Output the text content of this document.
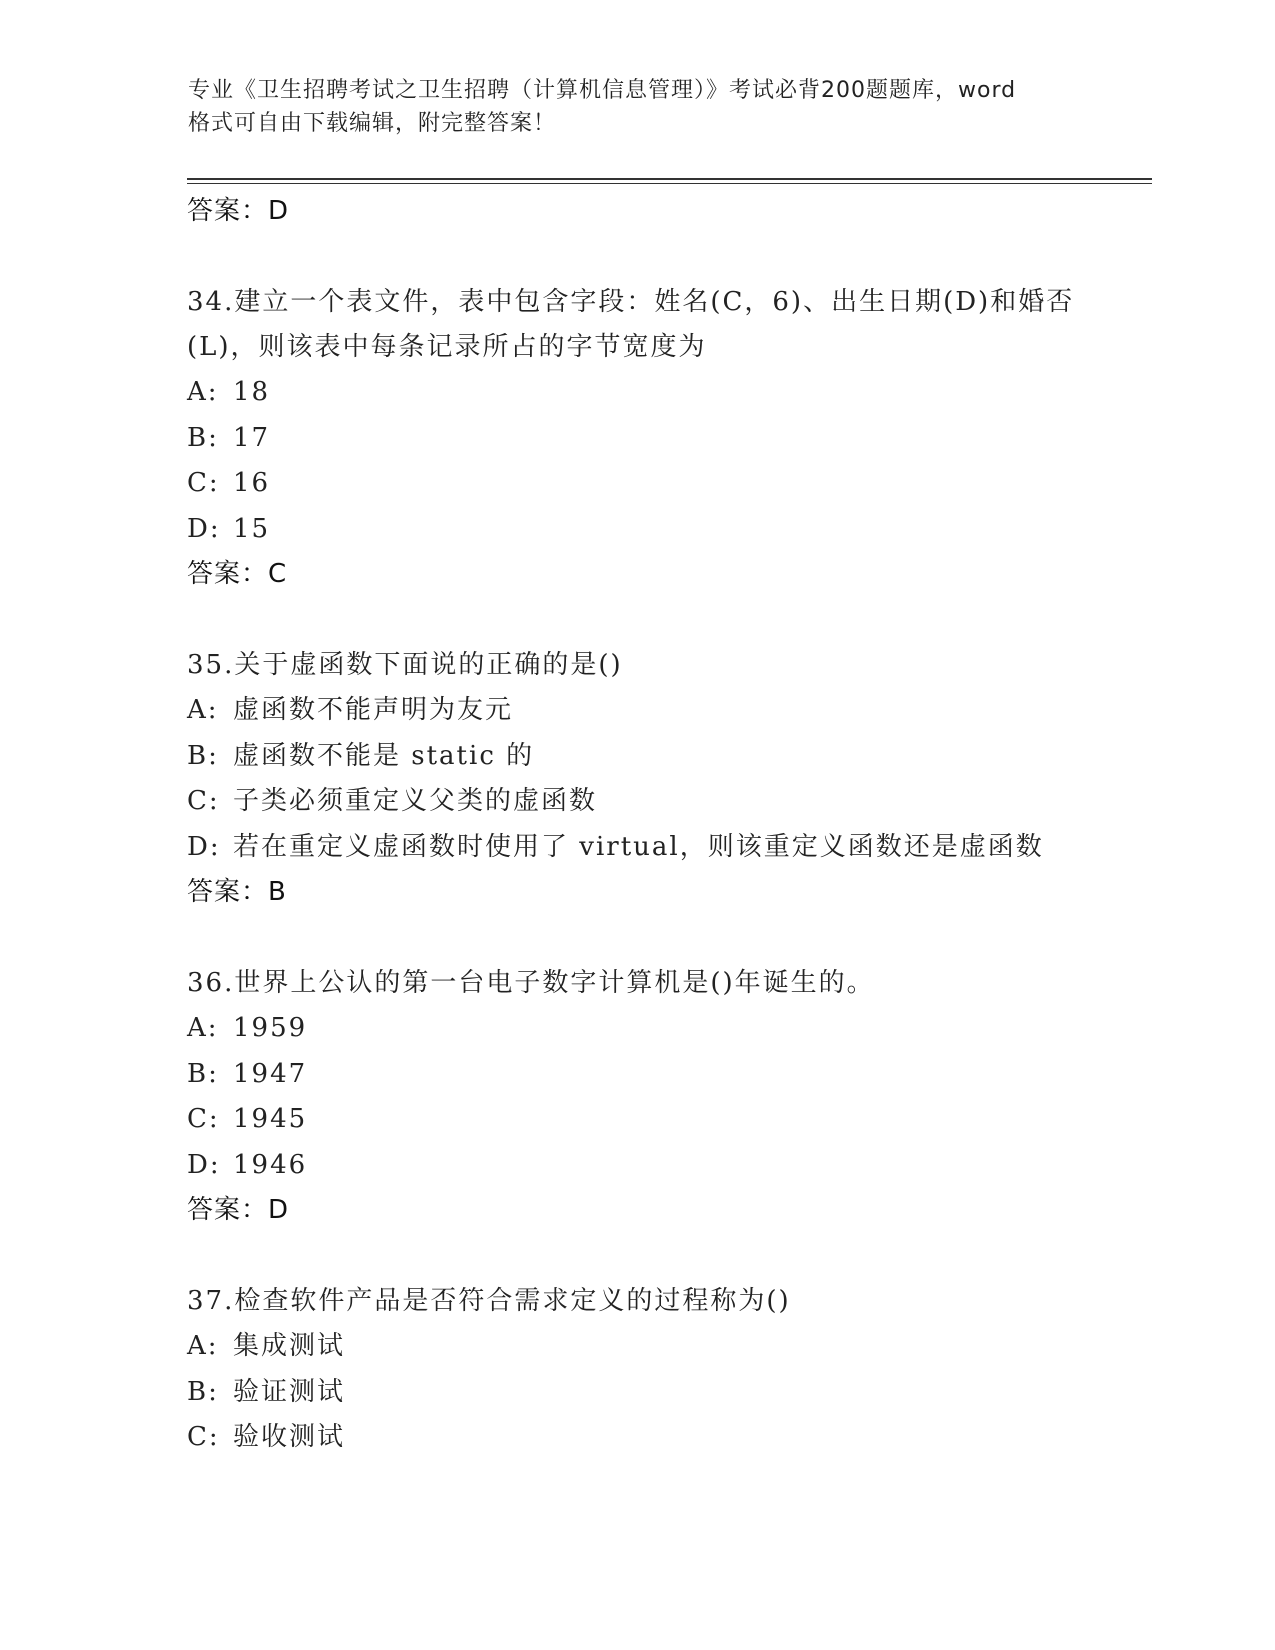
专业《卫生招聘考试之卫生招聘（计算机信息管理）》考试必背200题题库，word
格式可自由下载编辑，附完整答案！
答案：D
34.建立一个表文件，表中包含字段：姓名(C，6)、出生日期(D)和婚否(L)，则该表中每条记录所占的字节宽度为
A: 18
B: 17
C: 16
D: 15
答案：C
35.关于虚函数下面说的正确的是()
A: 虚函数不能声明为友元
B: 虚函数不能是 static 的
C: 子类必须重定义父类的虚函数
D: 若在重定义虚函数时使用了 virtual，则该重定义函数还是虚函数
答案：B
36.世界上公认的第一台电子数字计算机是()年诞生的。
A: 1959
B: 1947
C: 1945
D: 1946
答案：D
37.检查软件产品是否符合需求定义的过程称为()
A: 集成测试
B: 验证测试
C: 验收测试
